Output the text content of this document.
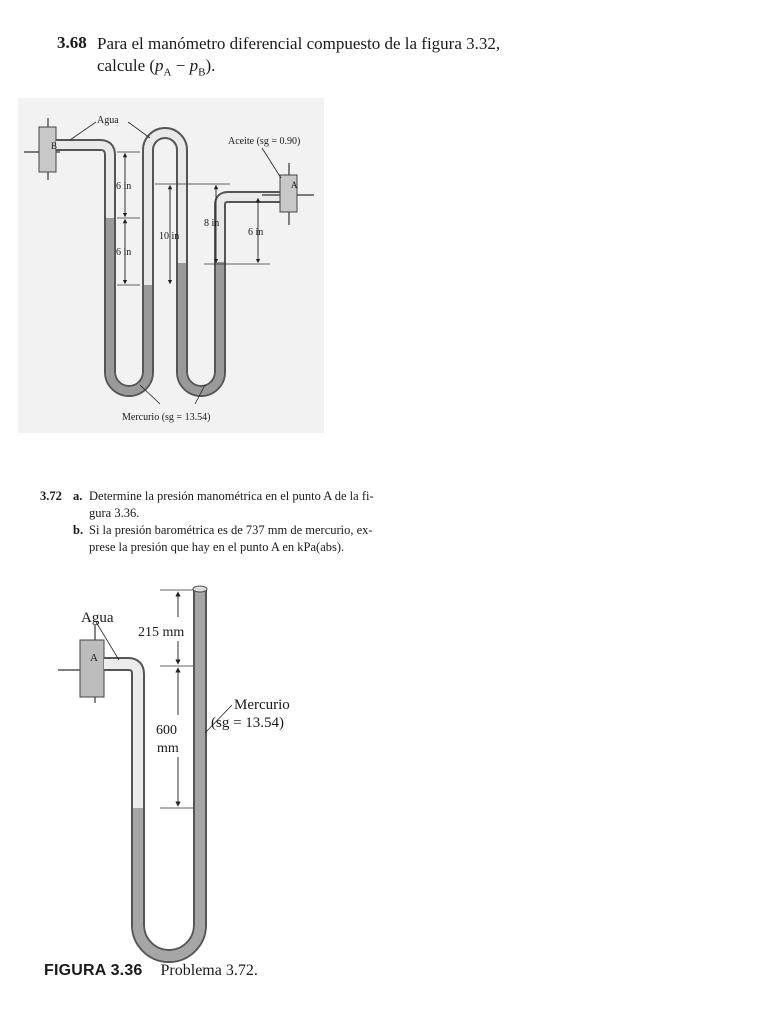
3.68 Para el manómetro diferencial compuesto de la figura 3.32,
calcule $(p_A - p_B)$.
Agua
Aceite (sg = 0.90)
B
A
6 in
6 in
10 in
8 in
6 in
Mercurio (sg = 13.54)
3.72 a. Determine la presión manométrica en el punto A de la fi-
gura 3.36.
b. Si la presión barométrica es de 737 mm de mercurio, ex-
prese la presión que hay en el punto A en kPa(abs).
Agua
A
215 mm
600
mm
Mercurio
(sg = 13.54)
FIGURA 3.36 Problema 3.72.
